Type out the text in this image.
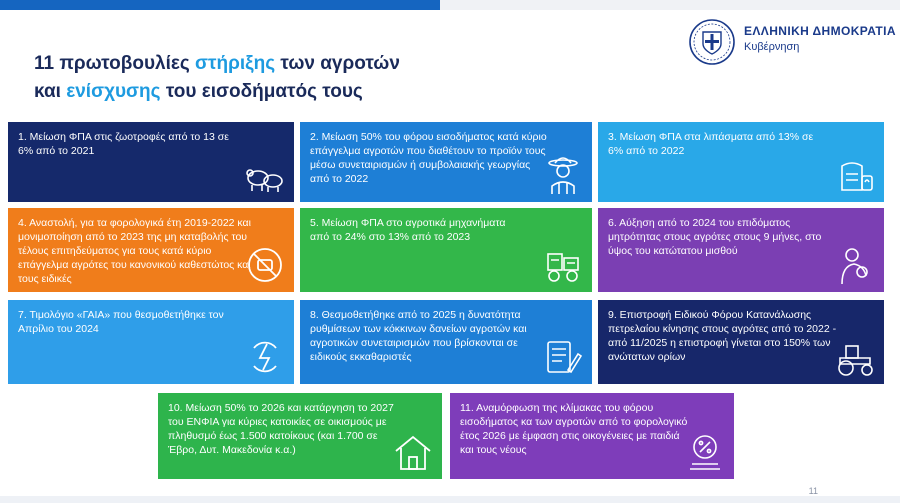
ΕΛΛΗΝΙΚΗ ΔΗΜΟΚΡΑΤΙΑ
Κυβέρνηση
11 πρωτοβουλίες στήριξης των αγροτών
και ενίσχυσης του εισοδήματός τους
1. Μείωση ΦΠΑ στις ζωοτροφές από το 13 σε 6% από το 2021
2. Μείωση 50% του φόρου εισοδήματος κατά κύριο επάγγελμα αγροτών που διαθέτουν το προϊόν τους μέσω συνεταιρισμών ή συμβολαιακής γεωργίας από το 2022
3. Μείωση ΦΠΑ στα λιπάσματα από 13% σε 6% από το 2022
4. Αναστολή, για τα φορολογικά έτη 2019-2022 και μονιμοποίηση από το 2023 της μη καταβολής του τέλους επιτηδεύματος για τους κατά κύριο επάγγελμα αγρότες του κανονικού καθεστώτος και τους ειδικές
5. Μείωση ΦΠΑ στο αγροτικά μηχανήματα από το 24% στο 13% από το 2023
6. Αύξηση από το 2024 του επιδόματος μητρότητας στους αγρότες στους 9 μήνες, στο ύψος του κατώτατου μισθού
7. Τιμολόγιο «ΓΑΙΑ» που θεσμοθετήθηκε τον Απρίλιο του 2024
8. Θεσμοθετήθηκε από το 2025 η δυνατότητα ρυθμίσεων των κόκκινων δανείων αγροτών και αγροτικών συνεταιρισμών που βρίσκονται σε ειδικούς εκκαθαριστές
9. Επιστροφή Ειδικού Φόρου Κατανάλωσης πετρελαίου κίνησης στους αγρότες από το 2022 - από 11/2025 η επιστροφή γίνεται στο 150% των ανώτατων ορίων
10. Μείωση 50% το 2026 και κατάργηση το 2027 του ΕΝΦΙΑ για κύριες κατοικίες σε οικισμούς με πληθυσμό έως 1.500 κατοίκους (και 1.700 σε Έβρο, Δυτ. Μακεδονία κ.α.)
11. Αναμόρφωση της κλίμακας του φόρου εισοδήματος κα των αγροτών από το φορολογικό έτος 2026 με έμφαση στις οικογένειες με παιδιά και τους νέους
11
